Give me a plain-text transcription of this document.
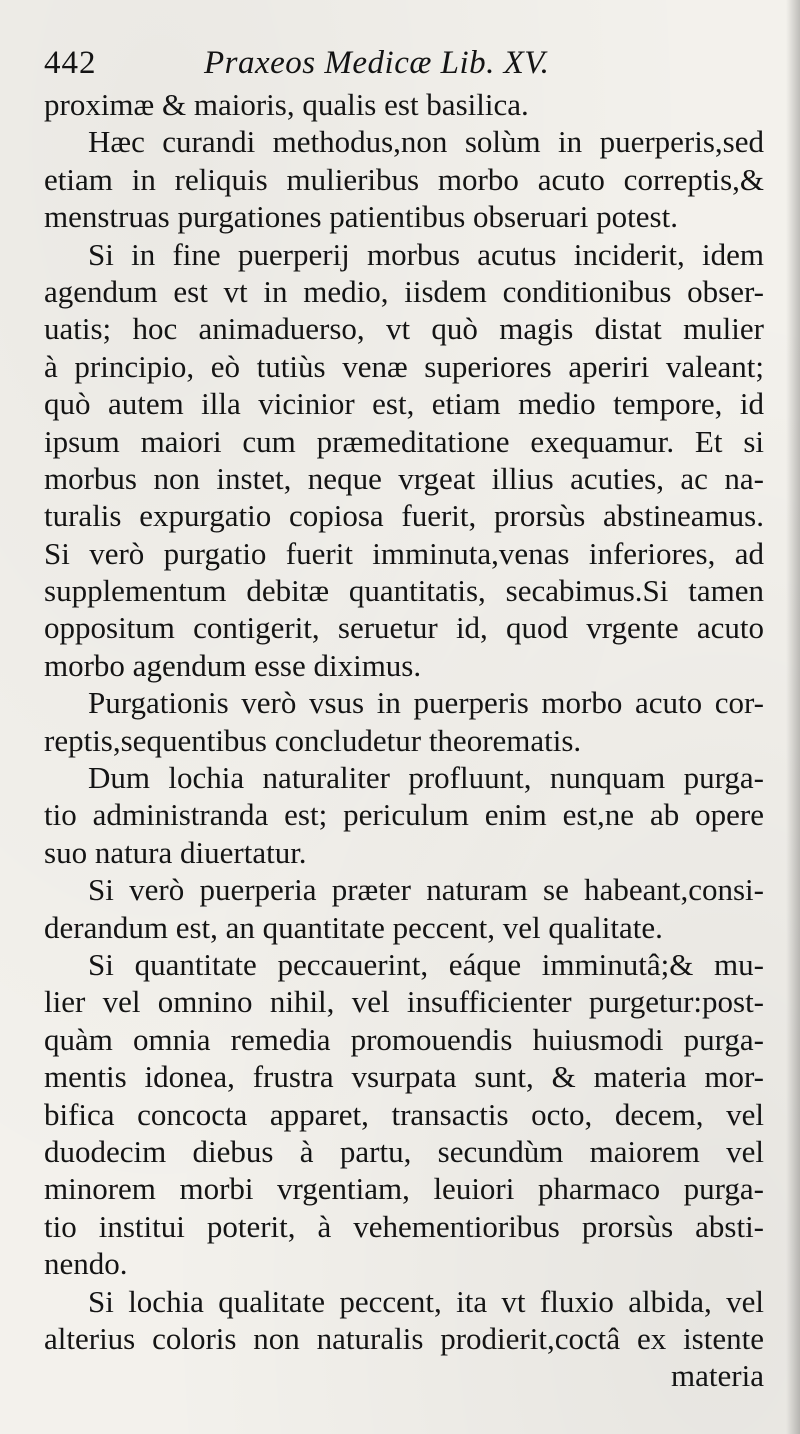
442	Praxeos Medicæ Lib. XV.
proximæ & maioris, qualis est basilica.
Hæc curandi methodus,non solùm in puerperis,sed
etiam in reliquis mulieribus morbo acuto correptis,&
menstruas purgationes patientibus obseruari potest.
Si in fine puerperij morbus acutus inciderit, idem
agendum est vt in medio, iisdem conditionibus obser-
uatis; hoc animaduerso, vt quò magis distat mulier
à principio, eò tutiùs venæ superiores aperiri valeant;
quò autem illa vicinior est, etiam medio tempore, id
ipsum maiori cum præmeditatione exequamur. Et si
morbus non instet, neque vrgeat illius acuties, ac na-
turalis expurgatio copiosa fuerit, prorsùs abstineamus.
Si verò purgatio fuerit imminuta,venas inferiores, ad
supplementum debitæ quantitatis, secabimus.Si tamen
oppositum contigerit, seruetur id, quod vrgente acuto
morbo agendum esse diximus.
Purgationis verò vsus in puerperis morbo acuto cor-
reptis,sequentibus concludetur theorematis.
Dum lochia naturaliter profluunt, nunquam purga-
tio administranda est; periculum enim est,ne ab opere
suo natura diuertatur.
Si verò puerperia præter naturam se habeant,consi-
derandum est, an quantitate peccent, vel qualitate.
Si quantitate peccauerint, eáque imminutâ;& mu-
lier vel omnino nihil, vel insufficienter purgetur:post-
quàm omnia remedia promouendis huiusmodi purga-
mentis idonea, frustra vsurpata sunt, & materia mor-
bifica concocta apparet, transactis octo, decem, vel
duodecim diebus à partu, secundùm maiorem vel
minorem morbi vrgentiam, leuiori pharmaco purga-
tio institui poterit, à vehementioribus prorsùs absti-
nendo.
Si lochia qualitate peccent, ita vt fluxio albida, vel
alterius coloris non naturalis prodierit,coctâ ex istente
materia
